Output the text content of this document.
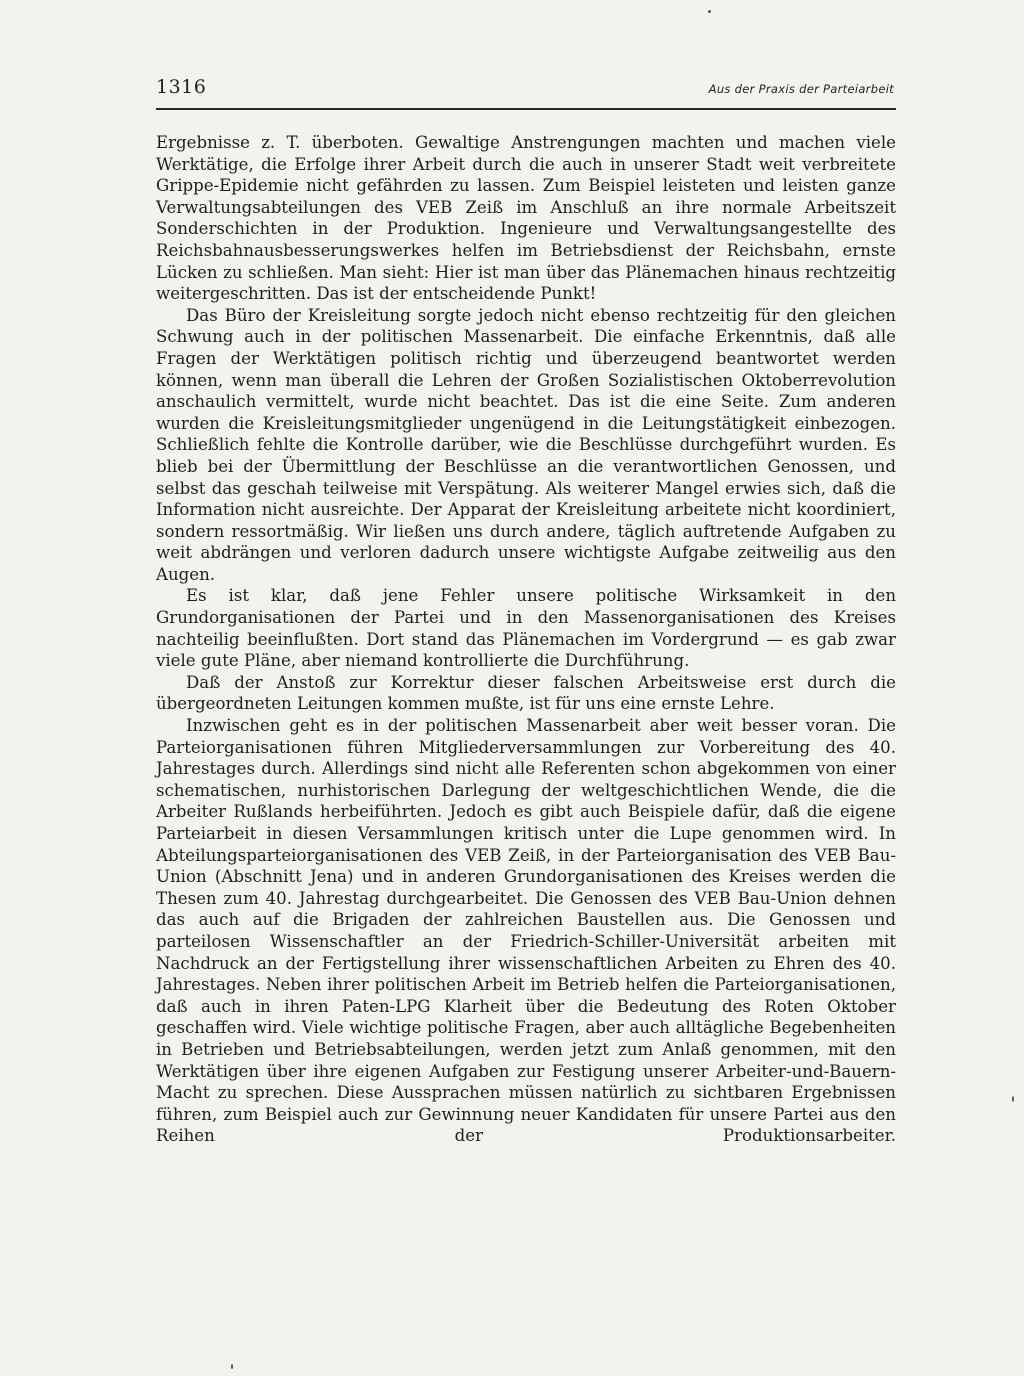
1316	Aus der Praxis der Parteiarbeit

Ergebnisse z. T. überboten. Gewaltige Anstrengungen machten und machen viele Werktätige, die Erfolge ihrer Arbeit durch die auch in unserer Stadt weit verbreitete Grippe-Epidemie nicht gefährden zu lassen. Zum Beispiel leisteten und leisten ganze Verwaltungsabteilungen des VEB Zeiß im Anschluß an ihre normale Arbeitszeit Sonderschichten in der Produktion. Ingenieure und Verwaltungsangestellte des Reichsbahnausbesserungswerkes helfen im Betriebsdienst der Reichsbahn, ernste Lücken zu schließen. Man sieht: Hier ist man über das Plänemachen hinaus rechtzeitig weitergeschritten. Das ist der entscheidende Punkt!

Das Büro der Kreisleitung sorgte jedoch nicht ebenso rechtzeitig für den gleichen Schwung auch in der politischen Massenarbeit. Die einfache Erkenntnis, daß alle Fragen der Werktätigen politisch richtig und überzeugend beantwortet werden können, wenn man überall die Lehren der Großen Sozialistischen Oktoberrevolution anschaulich vermittelt, wurde nicht beachtet. Das ist die eine Seite. Zum anderen wurden die Kreisleitungsmitglieder ungenügend in die Leitungstätigkeit einbezogen. Schließlich fehlte die Kontrolle darüber, wie die Beschlüsse durchgeführt wurden. Es blieb bei der Übermittlung der Beschlüsse an die verantwortlichen Genossen, und selbst das geschah teilweise mit Verspätung. Als weiterer Mangel erwies sich, daß die Information nicht ausreichte. Der Apparat der Kreisleitung arbeitete nicht koordiniert, sondern ressortmäßig. Wir ließen uns durch andere, täglich auftretende Aufgaben zu weit abdrängen und verloren dadurch unsere wichtigste Aufgabe zeitweilig aus den Augen.

Es ist klar, daß jene Fehler unsere politische Wirksamkeit in den Grundorganisationen der Partei und in den Massenorganisationen des Kreises nachteilig beeinflußten. Dort stand das Plänemachen im Vordergrund — es gab zwar viele gute Pläne, aber niemand kontrollierte die Durchführung.

Daß der Anstoß zur Korrektur dieser falschen Arbeitsweise erst durch die übergeordneten Leitungen kommen mußte, ist für uns eine ernste Lehre.

Inzwischen geht es in der politischen Massenarbeit aber weit besser voran. Die Parteiorganisationen führen Mitgliederversammlungen zur Vorbereitung des 40. Jahrestages durch. Allerdings sind nicht alle Referenten schon abgekommen von einer schematischen, nurhistorischen Darlegung der weltgeschichtlichen Wende, die die Arbeiter Rußlands herbeiführten. Jedoch es gibt auch Beispiele dafür, daß die eigene Parteiarbeit in diesen Versammlungen kritisch unter die Lupe genommen wird. In Abteilungsparteiorganisationen des VEB Zeiß, in der Parteiorganisation des VEB Bau-Union (Abschnitt Jena) und in anderen Grundorganisationen des Kreises werden die Thesen zum 40. Jahrestag durchgearbeitet. Die Genossen des VEB Bau-Union dehnen das auch auf die Brigaden der zahlreichen Baustellen aus. Die Genossen und parteilosen Wissenschaftler an der Friedrich-Schiller-Universität arbeiten mit Nachdruck an der Fertigstellung ihrer wissenschaftlichen Arbeiten zu Ehren des 40. Jahrestages. Neben ihrer politischen Arbeit im Betrieb helfen die Parteiorganisationen, daß auch in ihren Paten-LPG Klarheit über die Bedeutung des Roten Oktober geschaffen wird. Viele wichtige politische Fragen, aber auch alltägliche Begebenheiten in Betrieben und Betriebsabteilungen, werden jetzt zum Anlaß genommen, mit den Werktätigen über ihre eigenen Aufgaben zur Festigung unserer Arbeiter-und-Bauern-Macht zu sprechen. Diese Aussprachen müssen natürlich zu sichtbaren Ergebnissen führen, zum Beispiel auch zur Gewinnung neuer Kandidaten für unsere Partei aus den Reihen der Produktionsarbeiter.
